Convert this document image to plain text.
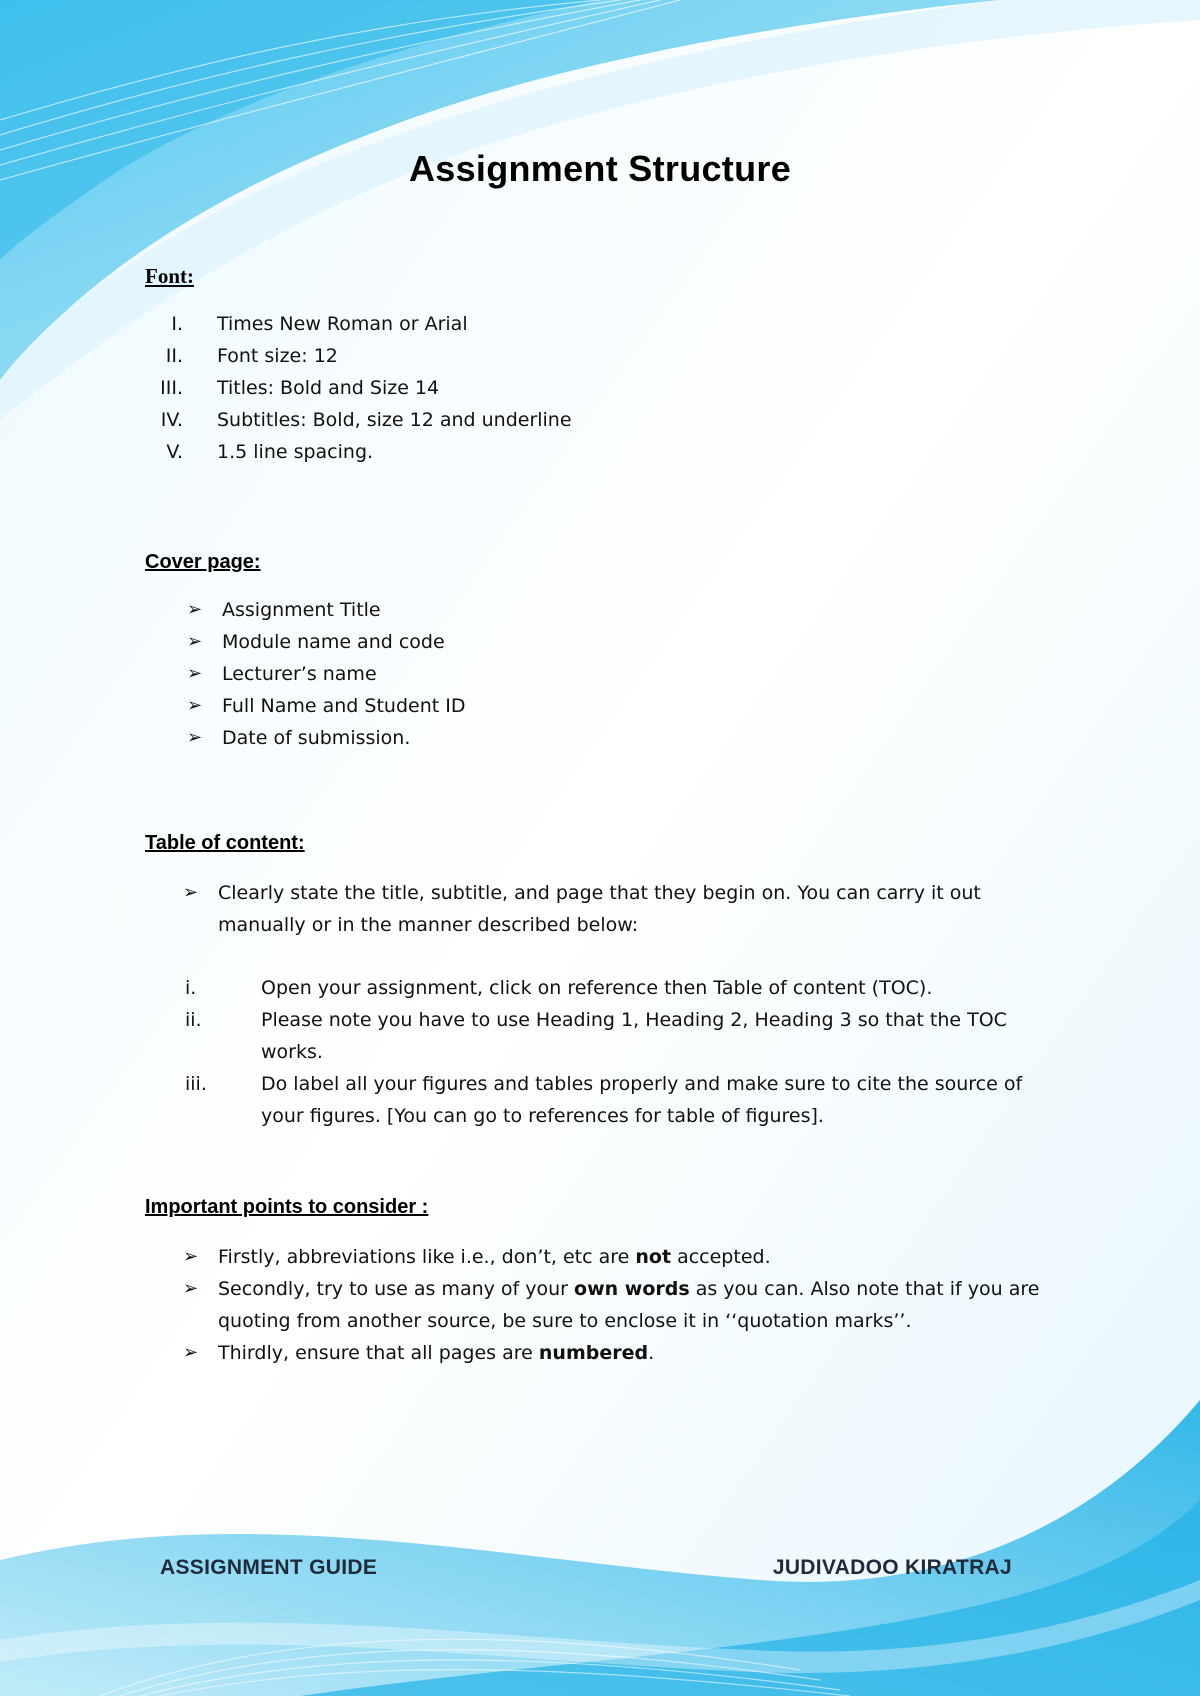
Assignment Structure
Font:
I. Times New Roman or Arial
II. Font size: 12
III. Titles: Bold and Size 14
IV. Subtitles: Bold, size 12 and underline
V. 1.5 line spacing.
Cover page:
➢ Assignment Title
➢ Module name and code
➢ Lecturer’s name
➢ Full Name and Student ID
➢ Date of submission.
Table of content:
➢ Clearly state the title, subtitle, and page that they begin on. You can carry it out manually or in the manner described below:
i.	Open your assignment, click on reference then Table of content (TOC).
ii.	Please note you have to use Heading 1, Heading 2, Heading 3 so that the TOC works.
iii.	Do label all your figures and tables properly and make sure to cite the source of your figures. [You can go to references for table of figures].
Important points to consider :
➢ Firstly, abbreviations like i.e., don’t, etc are not accepted.
➢ Secondly, try to use as many of your own words as you can. Also note that if you are quoting from another source, be sure to enclose it in ‘‘quotation marks’’.
➢ Thirdly, ensure that all pages are numbered.
ASSIGNMENT GUIDE	JUDIVADOO KIRATRAJ
